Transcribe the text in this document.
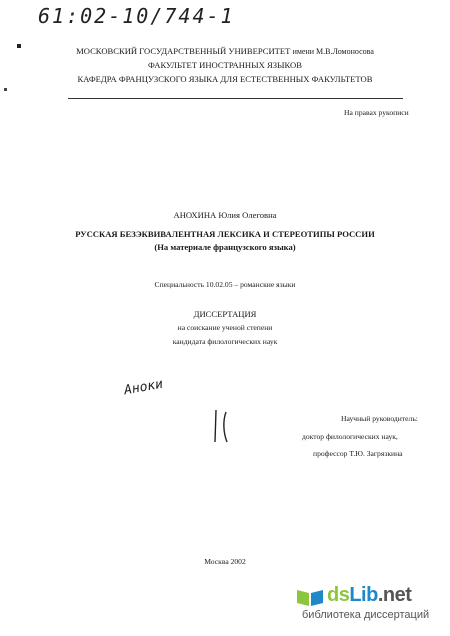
61:02-10/744-1
МОСКОВСКИЙ ГОСУДАРСТВЕННЫЙ УНИВЕРСИТЕТ имени М.В.Ломоносова
ФАКУЛЬТЕТ ИНОСТРАННЫХ ЯЗЫКОВ
КАФЕДРА ФРАНЦУЗСКОГО ЯЗЫКА ДЛЯ ЕСТЕСТВЕННЫХ ФАКУЛЬТЕТОВ
На правах рукописи
АНОХИНА Юлия Олеговна
РУССКАЯ БЕЗЭКВИВАЛЕНТНАЯ ЛЕКСИКА И СТЕРЕОТИПЫ РОССИИ
(На материале французского языка)
Специальность 10.02.05 – романские языки
ДИССЕРТАЦИЯ
на соискание ученой степени
кандидата филологических наук
Аноки
Научный руководитель:
доктор филологических наук,
профессор Т.Ю. Загрязкина
Москва 2002
dsLib.net
библиотека диссертаций
